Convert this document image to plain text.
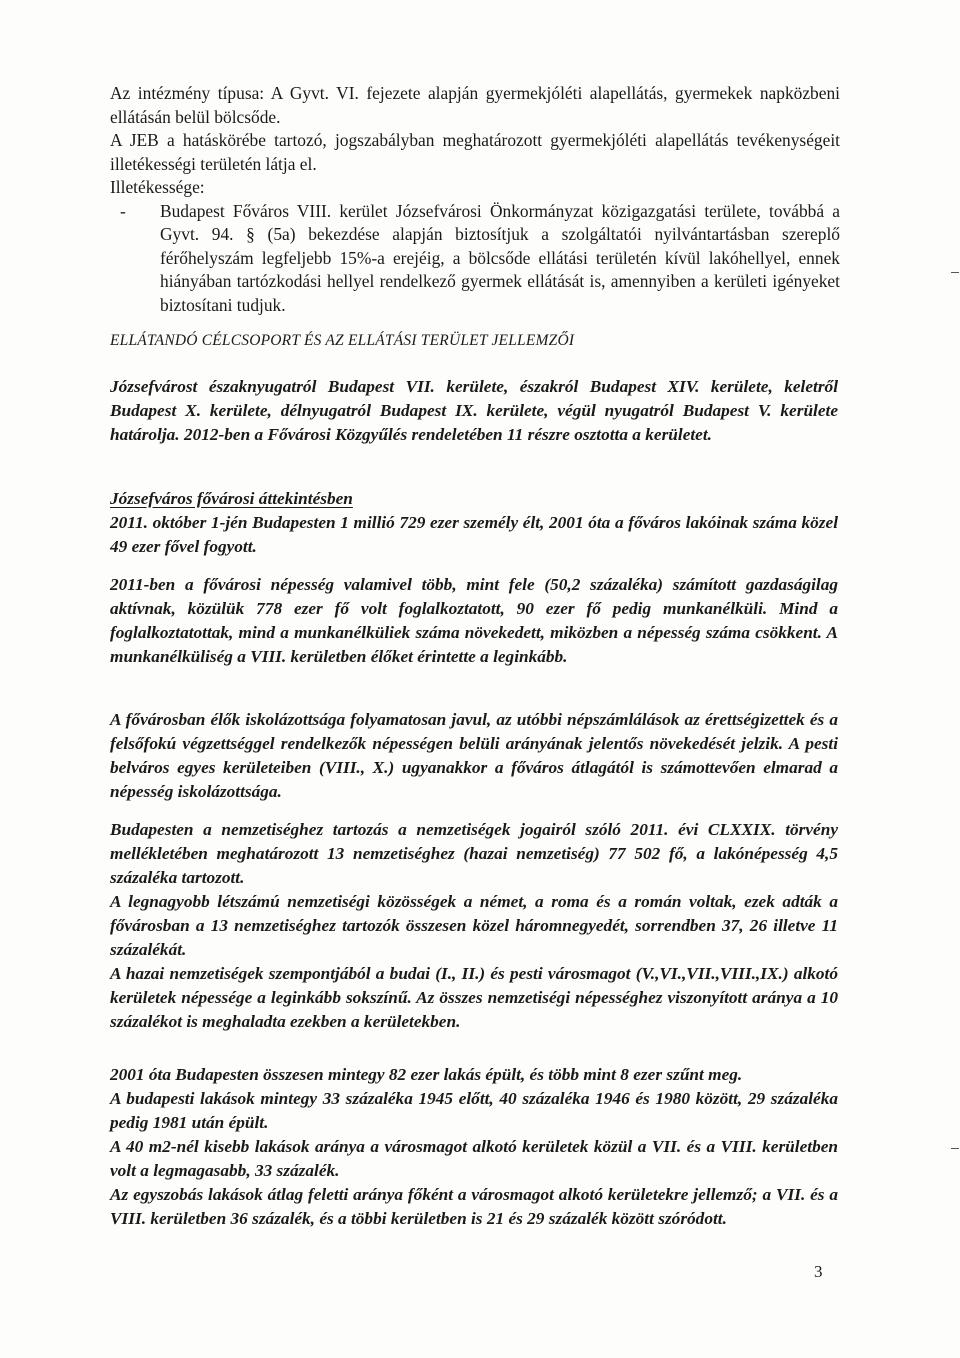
Az intézmény típusa: A Gyvt. VI. fejezete alapján gyermekjóléti alapellátás, gyermekek napközbeni ellátásán belül bölcsőde.

A JEB a hatáskörébe tartozó, jogszabályban meghatározott gyermekjóléti alapellátás tevékenységeit illetékességi területén látja el.

Illetékessége:

-	Budapest Főváros VIII. kerület Józsefvárosi Önkormányzat közigazgatási területe, továbbá a Gyvt. 94. § (5a) bekezdése alapján biztosítjuk a szolgáltatói nyilvántartásban szereplő férőhelyszám legfeljebb 15%-a erejéig, a bölcsőde ellátási területén kívül lakóhellyel, ennek hiányában tartózkodási hellyel rendelkező gyermek ellátását is, amennyiben a kerületi igényeket biztosítani tudjuk.
ELLÁTANDÓ CÉLCSOPORT ÉS AZ ELLÁTÁSI TERÜLET JELLEMZŐI

Józsefvárost északnyugatról Budapest VII. kerülete, északról Budapest XIV. kerülete, keletről Budapest X. kerülete, délnyugatról Budapest IX. kerülete, végül nyugatról Budapest V. kerülete határolja. 2012-ben a Fővárosi Közgyűlés rendeletében 11 részre osztotta a kerületet.

Józsefváros fővárosi áttekintésben

2011. október 1-jén Budapesten 1 millió 729 ezer személy élt, 2001 óta a főváros lakóinak száma közel 49 ezer fővel fogyott.

2011-ben a fővárosi népesség valamivel több, mint fele (50,2 százaléka) számított gazdaságilag aktívnak, közülük 778 ezer fő volt foglalkoztatott, 90 ezer fő pedig munkanélküli. Mind a foglalkoztatottak, mind a munkanélküliek száma növekedett, miközben a népesség száma csökkent. A munkanélküliség a VIII. kerületben élőket érintette a leginkább.

A fővárosban élők iskolázottsága folyamatosan javul, az utóbbi népszámlálások az érettségizettek és a felsőfokú végzettséggel rendelkezők népességen belüli arányának jelentős növekedését jelzik. A pesti belváros egyes kerületeiben (VIII., X.) ugyanakkor a főváros átlagától is számottevően elmarad a népesség iskolázottsága.

Budapesten a nemzetiséghez tartozás a nemzetiségek jogairól szóló 2011. évi CLXXIX. törvény mellékletében meghatározott 13 nemzetiséghez (hazai nemzetiség) 77 502 fő, a lakónépesség 4,5 százaléka tartozott.

A legnagyobb létszámú nemzetiségi közösségek a német, a roma és a román voltak, ezek adták a fővárosban a 13 nemzetiséghez tartozók összesen közel háromnegyedét, sorrendben 37, 26 illetve 11 százalékát.

A hazai nemzetiségek szempontjából a budai (I., II.) és pesti városmagot (V.,VI.,VII.,VIII.,IX.) alkotó kerületek népessége a leginkább sokszínű. Az összes nemzetiségi népességhez viszonyított aránya a 10 százalékot is meghaladta ezekben a kerületekben.

2001 óta Budapesten összesen mintegy 82 ezer lakás épült, és több mint 8 ezer szűnt meg.

A budapesti lakások mintegy 33 százaléka 1945 előtt, 40 százaléka 1946 és 1980 között, 29 százaléka pedig 1981 után épült.

A 40 m2-nél kisebb lakások aránya a városmagot alkotó kerületek közül a VII. és a VIII. kerületben volt a legmagasabb, 33 százalék.

Az egyszobás lakások átlag feletti aránya főként a városmagot alkotó kerületekre jellemző; a VII. és a VIII. kerületben 36 százalék, és a többi kerületben is 21 és 29 százalék között szóródott.

3
